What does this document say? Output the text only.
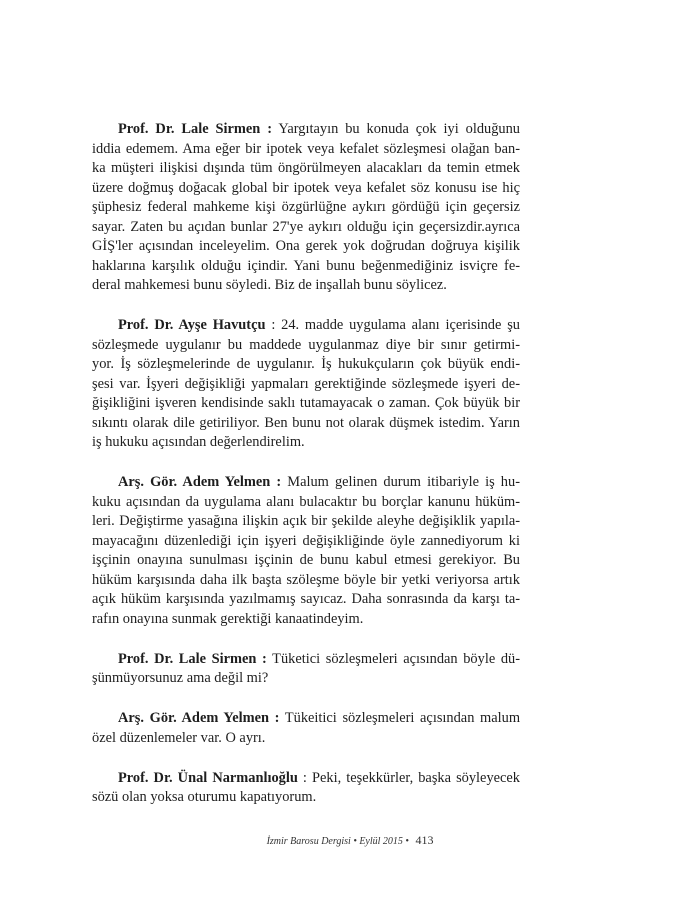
Prof. Dr. Lale Sirmen : Yargıtayın bu konuda çok iyi olduğunu
iddia edemem. Ama eğer bir ipotek veya kefalet sözleşmesi olağan ban-
ka müşteri ilişkisi dışında tüm öngörülmeyen alacakları da temin etmek
üzere doğmuş doğacak global bir ipotek veya kefalet söz konusu ise hiç
şüphesiz federal mahkeme kişi özgürlüğne aykırı gördüğü için geçersiz
sayar. Zaten bu açıdan bunlar 27'ye aykırı olduğu için geçersizdir.ayrıca
GİŞ'ler açısından inceleyelim. Ona gerek yok doğrudan doğruya kişilik
haklarına karşılık olduğu içindir. Yani bunu beğenmediğiniz isviçre fe-
deral mahkemesi bunu söyledi. Biz de inşallah bunu söylicez.
Prof. Dr. Ayşe Havutçu : 24. madde uygulama alanı içerisinde şu
sözleşmede uygulanır bu maddede uygulanmaz diye bir sınır getirmi-
yor. İş sözleşmelerinde de uygulanır. İş hukukçuların çok büyük endi-
şesi var. İşyeri değişikliği yapmaları gerektiğinde sözleşmede işyeri de-
ğişikliğini işveren kendisinde saklı tutamayacak o zaman. Çok büyük bir
sıkıntı olarak dile getiriliyor. Ben bunu not olarak düşmek istedim. Yarın
iş hukuku açısından değerlendirelim.
Arş. Gör. Adem Yelmen : Malum gelinen durum itibariyle iş hu-
kuku açısından da uygulama alanı bulacaktır bu borçlar kanunu hüküm-
leri. Değiştirme yasağına ilişkin açık bir şekilde aleyhe değişiklik yapıla-
mayacağını düzenlediği için işyeri değişikliğinde öyle zannediyorum ki
işçinin onayına sunulması işçinin de bunu kabul etmesi gerekiyor. Bu
hüküm karşısında daha ilk başta szöleşme böyle bir yetki veriyorsa artık
açık hüküm karşısında yazılmamış sayıcaz. Daha sonrasında da karşı ta-
rafın onayına sunmak gerektiği kanaatindeyim.
Prof. Dr. Lale Sirmen : Tüketici sözleşmeleri açısından böyle dü-
şünmüyorsunuz ama değil mi?
Arş. Gör. Adem Yelmen : Tükeitici sözleşmeleri açısından malum
özel düzenlemeler var. O ayrı.
Prof. Dr. Ünal Narmanlıoğlu : Peki, teşekkürler, başka söyleyecek
sözü olan yoksa oturumu kapatıyorum.
İzmir Barosu Dergisi • Eylül 2015 • 413
